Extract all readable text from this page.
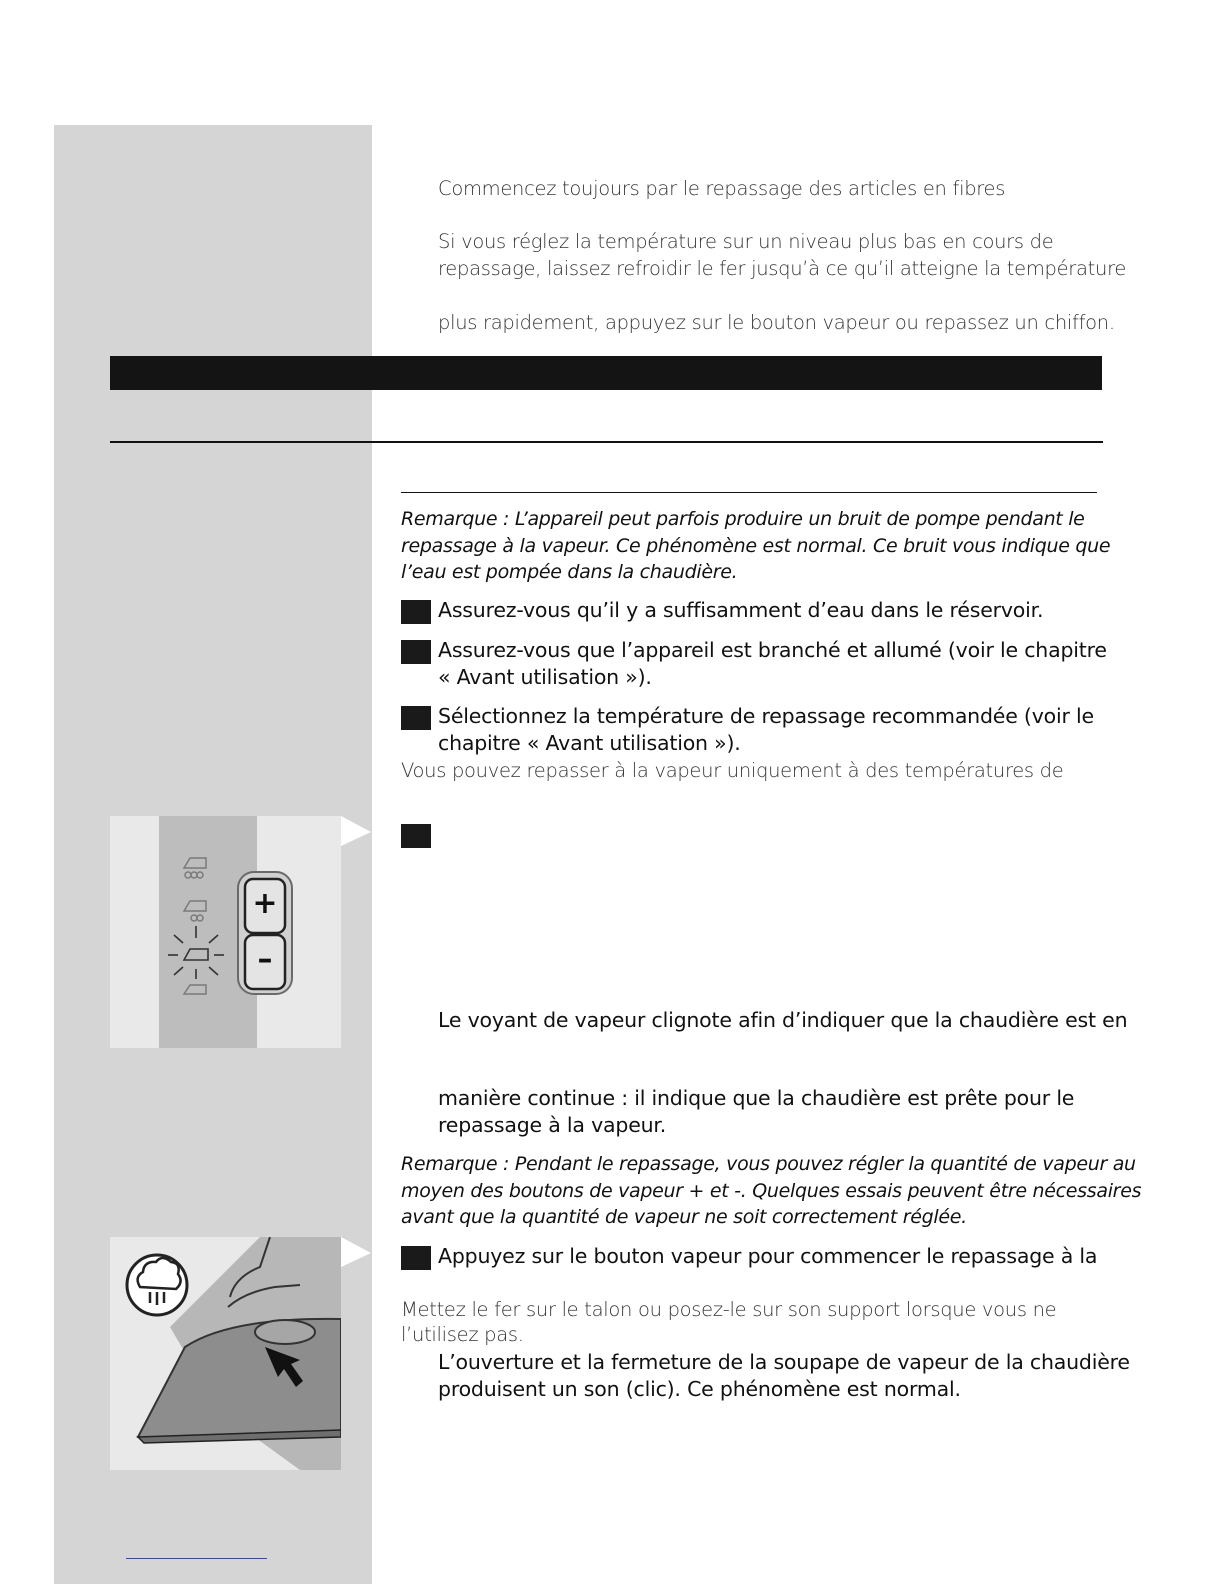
Commencez toujours par le repassage des articles en fibres
Si vous réglez la température sur un niveau plus bas en cours de
repassage, laissez refroidir le fer jusqu’à ce qu’il atteigne la température
plus rapidement, appuyez sur le bouton vapeur ou repassez un chiffon.
Remarque : L’appareil peut parfois produire un bruit de pompe pendant le
repassage à la vapeur. Ce phénomène est normal. Ce bruit vous indique que
l’eau est pompée dans la chaudière.
Assurez-vous qu’il y a suffisamment d’eau dans le réservoir.
Assurez-vous que l’appareil est branché et allumé (voir le chapitre
« Avant utilisation »).
Sélectionnez la température de repassage recommandée (voir le
chapitre « Avant utilisation »).
Vous pouvez repasser à la vapeur uniquement à des températures de
+
–
Le voyant de vapeur clignote afin d’indiquer que la chaudière est en
manière continue : il indique que la chaudière est prête pour le
repassage à la vapeur.
Remarque : Pendant le repassage, vous pouvez régler la quantité de vapeur au
moyen des boutons de vapeur + et -. Quelques essais peuvent être nécessaires
avant que la quantité de vapeur ne soit correctement réglée.
Appuyez sur le bouton vapeur pour commencer le repassage à la
Mettez le fer sur le talon ou posez-le sur son support lorsque vous ne
l’utilisez pas.
L’ouverture et la fermeture de la soupape de vapeur de la chaudière
produisent un son (clic). Ce phénomène est normal.
